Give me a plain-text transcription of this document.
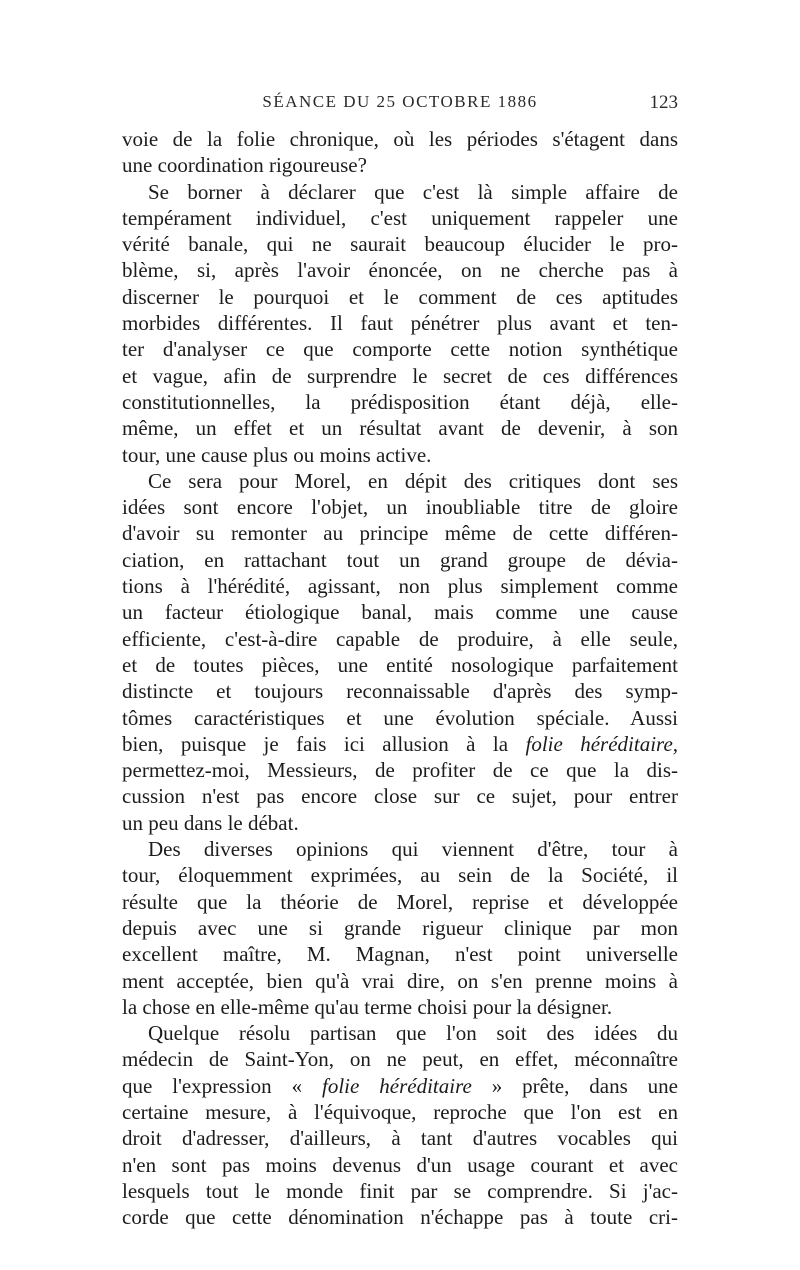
SÉANCE DU 25 OCTOBRE 1886	123
voie de la folie chronique, où les périodes s'étagent dans
une coordination rigoureuse?
Se borner à déclarer que c'est là simple affaire de
tempérament individuel, c'est uniquement rappeler une
vérité banale, qui ne saurait beaucoup élucider le pro-
blème, si, après l'avoir énoncée, on ne cherche pas à
discerner le pourquoi et le comment de ces aptitudes
morbides différentes. Il faut pénétrer plus avant et ten-
ter d'analyser ce que comporte cette notion synthétique
et vague, afin de surprendre le secret de ces différences
constitutionnelles, la prédisposition étant déjà, elle-
même, un effet et un résultat avant de devenir, à son
tour, une cause plus ou moins active.
Ce sera pour Morel, en dépit des critiques dont ses
idées sont encore l'objet, un inoubliable titre de gloire
d'avoir su remonter au principe même de cette différen-
ciation, en rattachant tout un grand groupe de dévia-
tions à l'hérédité, agissant, non plus simplement comme
un facteur étiologique banal, mais comme une cause
efficiente, c'est-à-dire capable de produire, à elle seule,
et de toutes pièces, une entité nosologique parfaitement
distincte et toujours reconnaissable d'après des symp-
tômes caractéristiques et une évolution spéciale. Aussi
bien, puisque je fais ici allusion à la folie héréditaire,
permettez-moi, Messieurs, de profiter de ce que la dis-
cussion n'est pas encore close sur ce sujet, pour entrer
un peu dans le débat.
Des diverses opinions qui viennent d'être, tour à
tour, éloquemment exprimées, au sein de la Société, il
résulte que la théorie de Morel, reprise et développée
depuis avec une si grande rigueur clinique par mon
excellent maître, M. Magnan, n'est point universelle
ment acceptée, bien qu'à vrai dire, on s'en prenne moins à
la chose en elle-même qu'au terme choisi pour la désigner.
Quelque résolu partisan que l'on soit des idées du
médecin de Saint-Yon, on ne peut, en effet, méconnaître
que l'expression « folie héréditaire » prête, dans une
certaine mesure, à l'équivoque, reproche que l'on est en
droit d'adresser, d'ailleurs, à tant d'autres vocables qui
n'en sont pas moins devenus d'un usage courant et avec
lesquels tout le monde finit par se comprendre. Si j'ac-
corde que cette dénomination n'échappe pas à toute cri-
